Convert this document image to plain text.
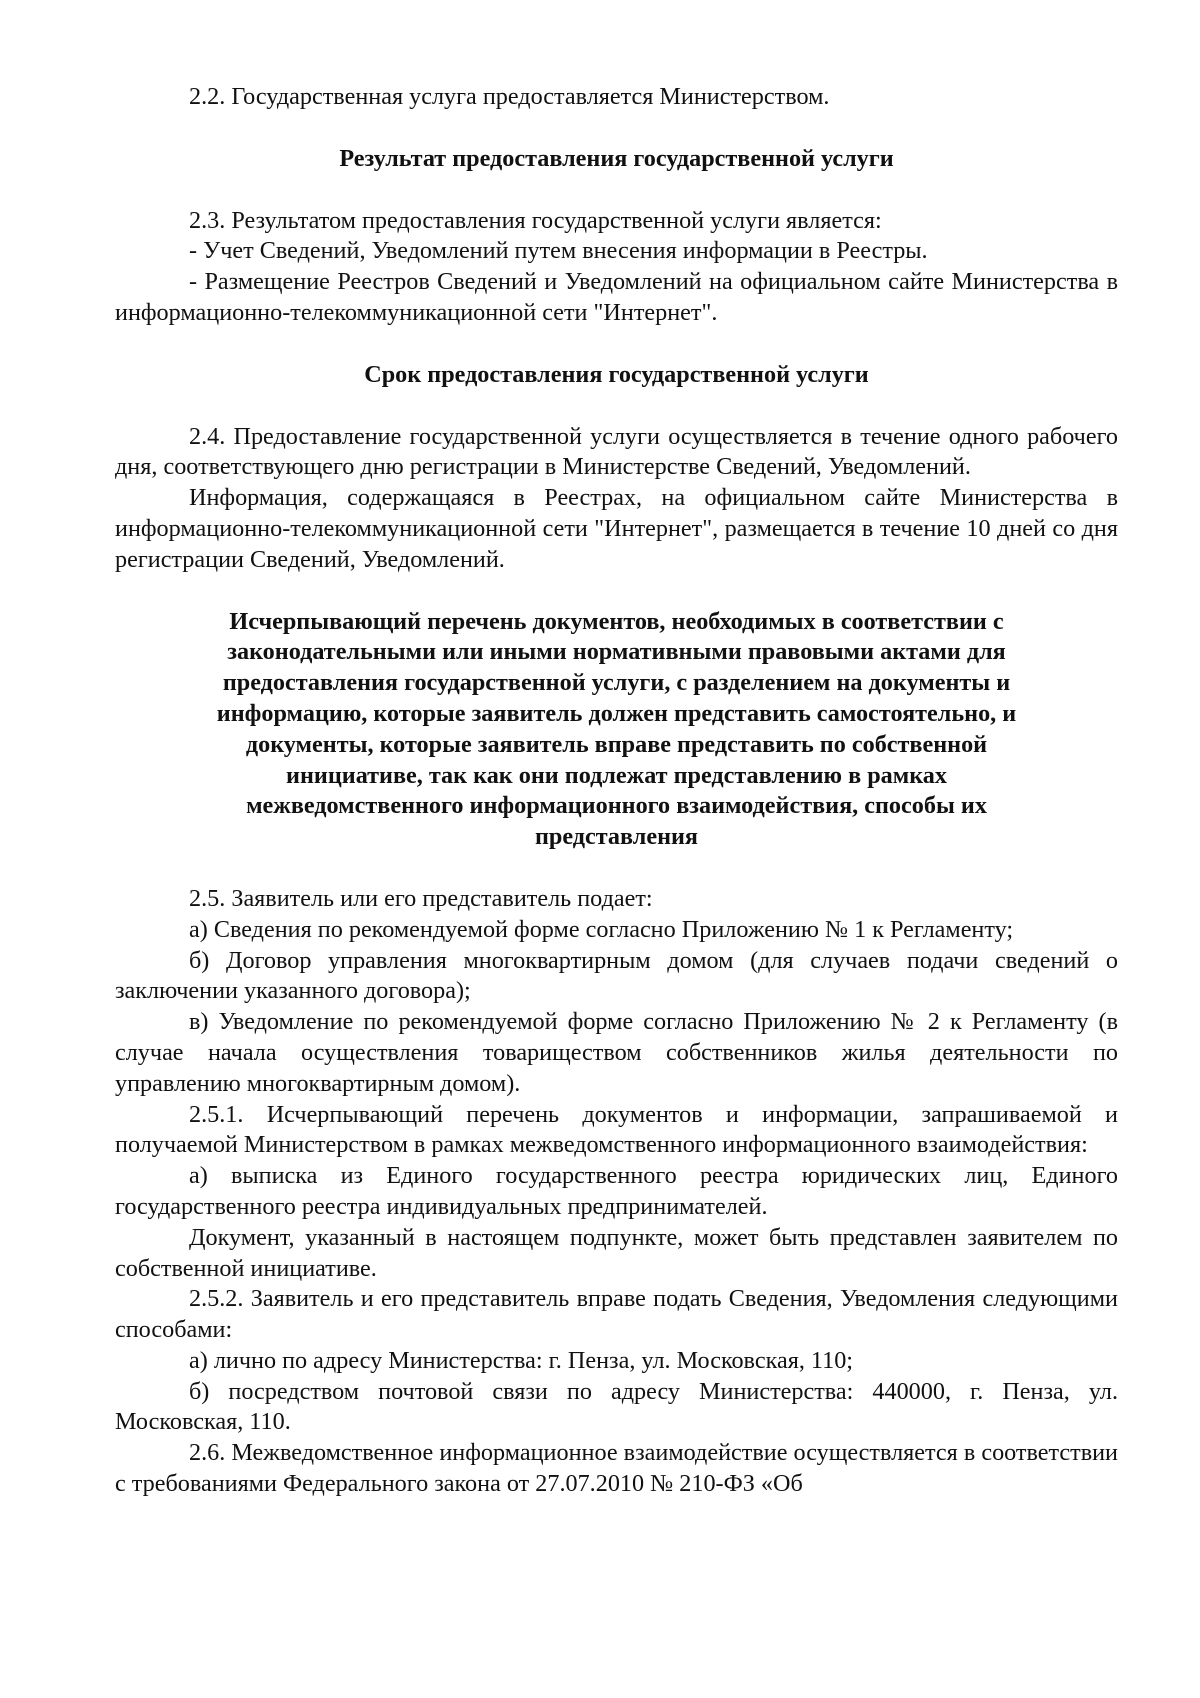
2.2. Государственная услуга предоставляется Министерством.

Результат предоставления государственной услуги

2.3. Результатом предоставления государственной услуги является:

- Учет Сведений, Уведомлений путем внесения информации в Реестры.

- Размещение Реестров Сведений и Уведомлений на официальном сайте Министерства в информационно-телекоммуникационной сети "Интернет".

Срок предоставления государственной услуги

2.4. Предоставление государственной услуги осуществляется в течение одного рабочего дня, соответствующего дню регистрации в Министерстве Сведений, Уведомлений.

Информация, содержащаяся в Реестрах, на официальном сайте Министерства в информационно-телекоммуникационной сети "Интернет", размещается в течение 10 дней со дня регистрации Сведений, Уведомлений.

Исчерпывающий перечень документов, необходимых в соответствии с законодательными или иными нормативными правовыми актами для предоставления государственной услуги, с разделением на документы и информацию, которые заявитель должен представить самостоятельно, и документы, которые заявитель вправе представить по собственной инициативе, так как они подлежат представлению в рамках межведомственного информационного взаимодействия, способы их представления

2.5. Заявитель или его представитель подает:

а) Сведения по рекомендуемой форме согласно Приложению № 1 к Регламенту;

б) Договор управления многоквартирным домом (для случаев подачи сведений о заключении указанного договора);

в) Уведомление по рекомендуемой форме согласно Приложению № 2 к Регламенту (в случае начала осуществления товариществом собственников жилья деятельности по управлению многоквартирным домом).

2.5.1. Исчерпывающий перечень документов и информации, запрашиваемой и получаемой Министерством в рамках межведомственного информационного взаимодействия:

а) выписка из Единого государственного реестра юридических лиц, Единого государственного реестра индивидуальных предпринимателей.

Документ, указанный в настоящем подпункте, может быть представлен заявителем по собственной инициативе.

2.5.2. Заявитель и его представитель вправе подать Сведения, Уведомления следующими способами:

а) лично по адресу Министерства: г. Пенза, ул. Московская, 110;

б) посредством почтовой связи по адресу Министерства: 440000, г. Пенза, ул. Московская, 110.

2.6. Межведомственное информационное взаимодействие осуществляется в соответствии с требованиями Федерального закона от 27.07.2010 № 210-ФЗ «Об
